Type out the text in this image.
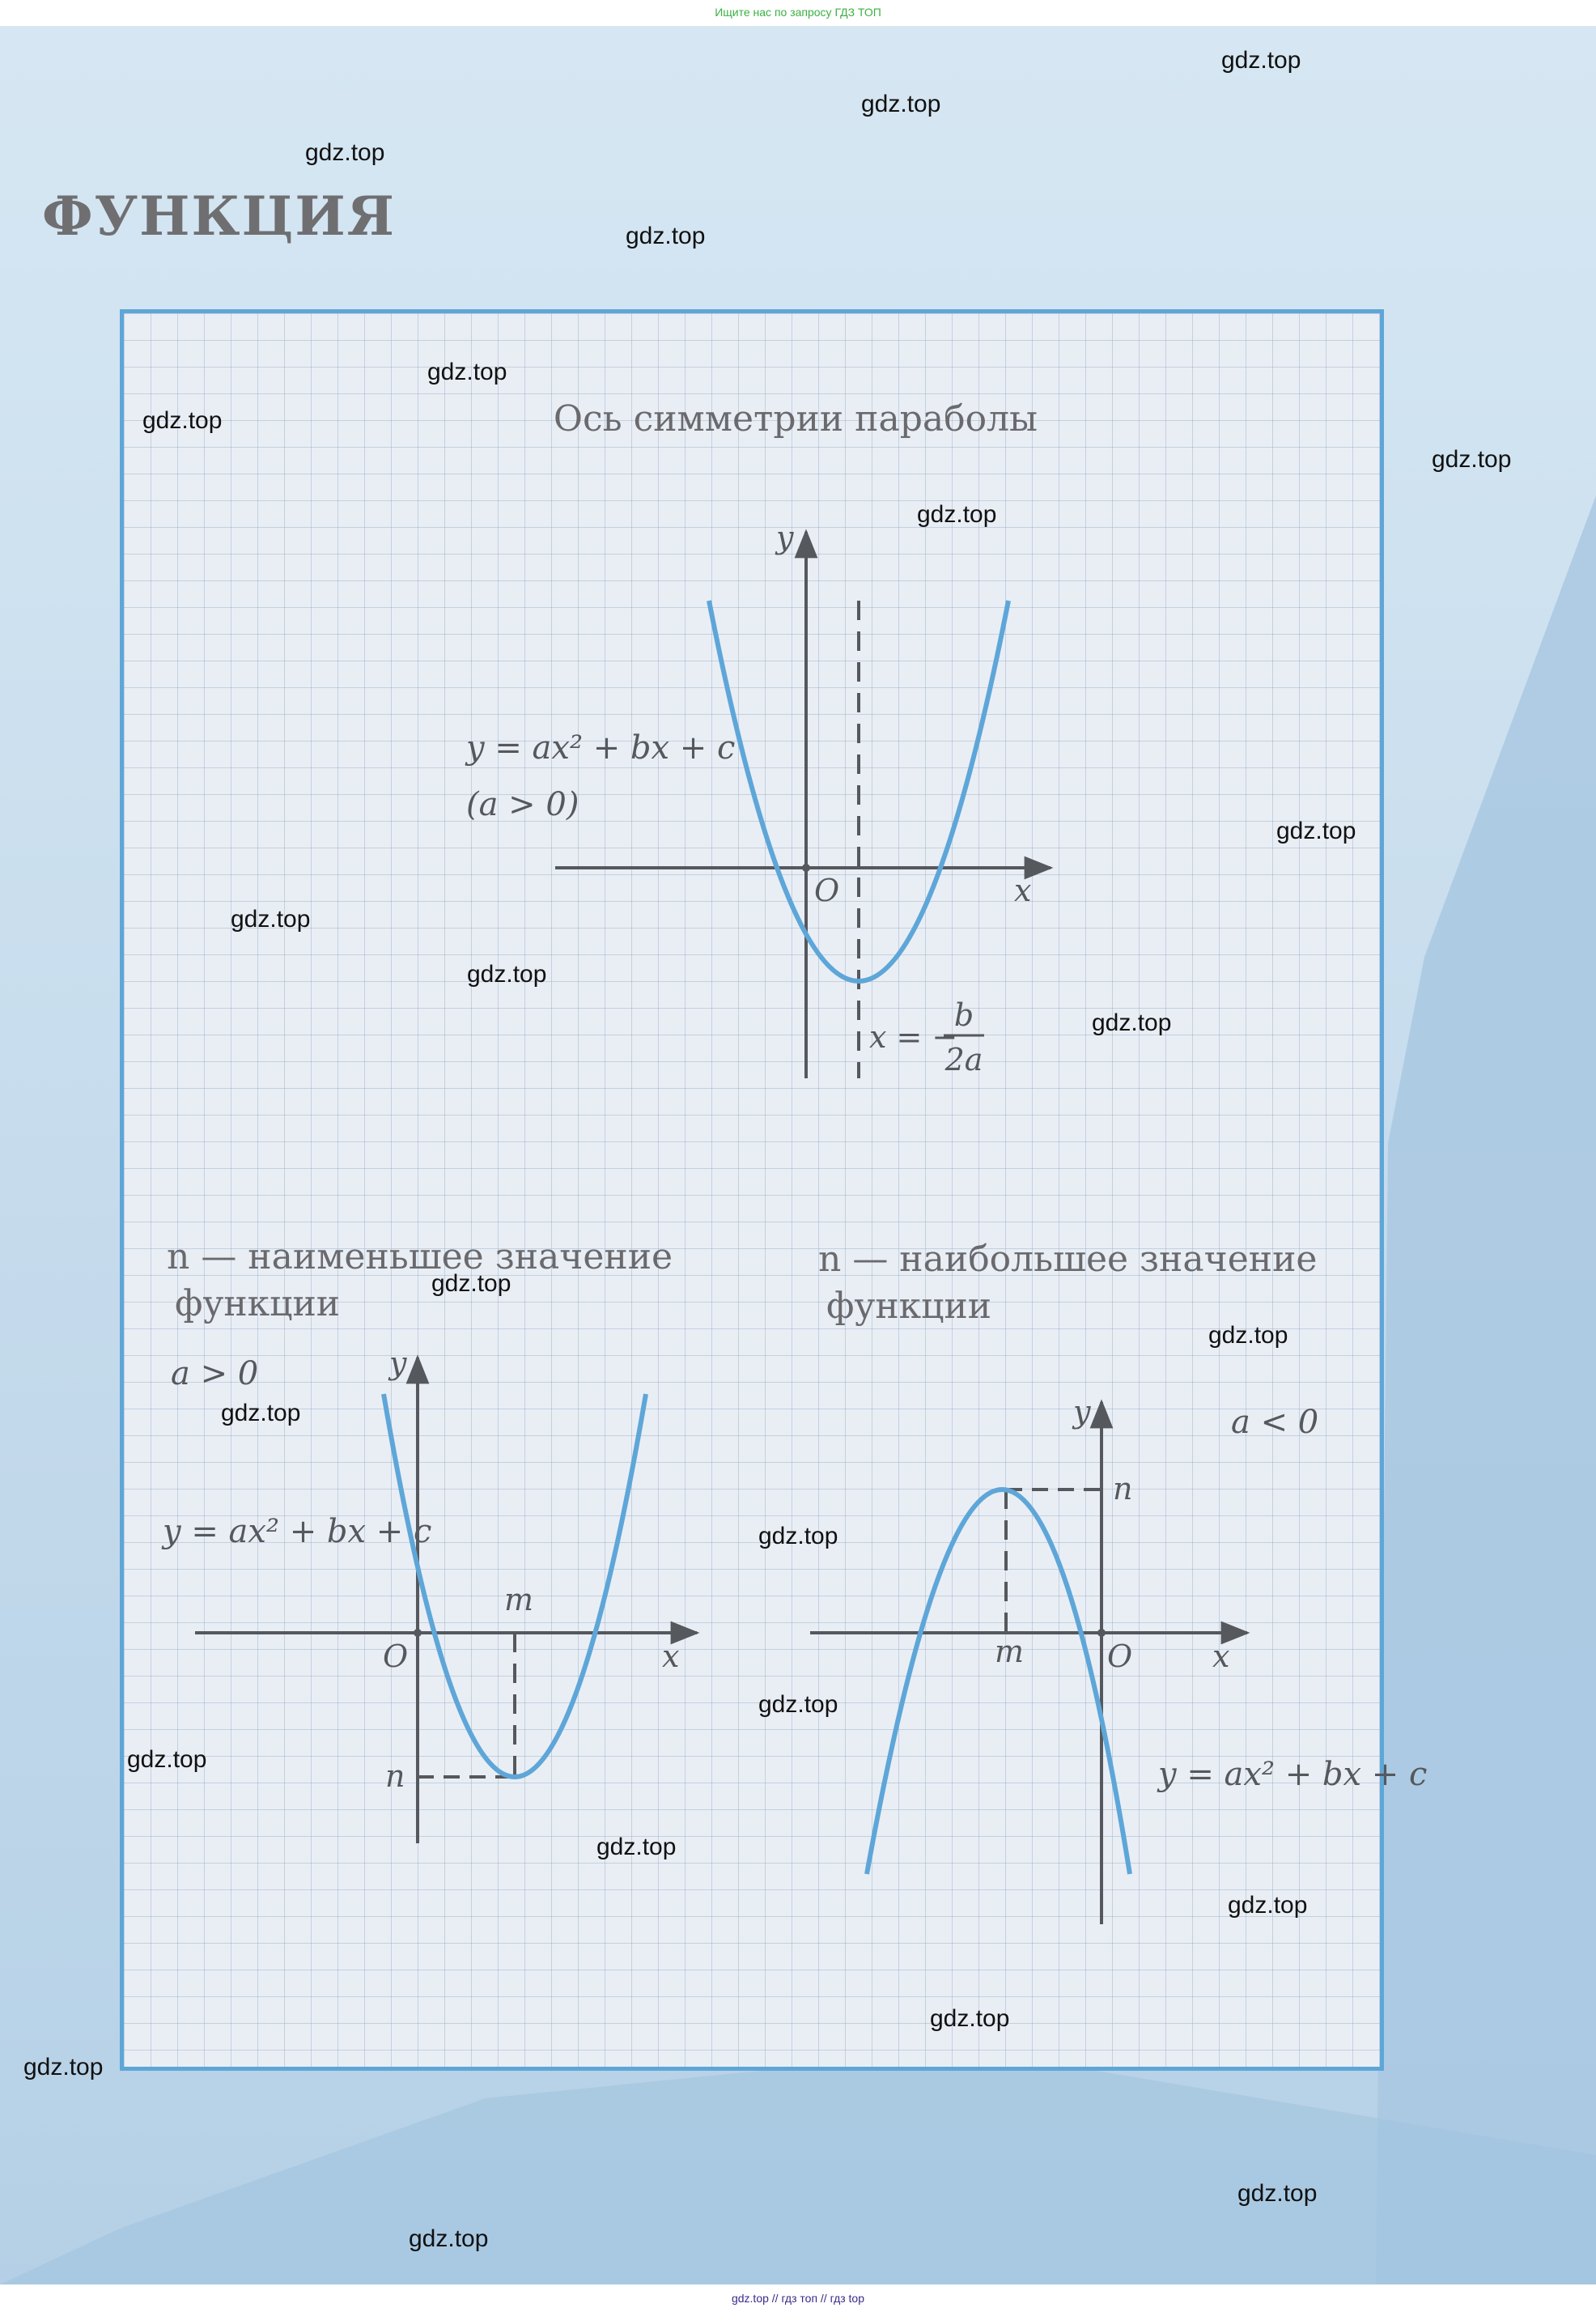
Ищите нас по запросу ГДЗ ТОП
ФУНКЦИЯ
Ось симметрии параболы
O	x
y
y = ax² + bx + c
(a > 0)
x = −
b
2a
n — наименьшее значение
функции
a > 0
y = ax² + bx + c
O	x
y
m
n
n — наибольшее значение
функции
a < 0
y = ax² + bx + c
O	x
y
m
n
gdz.top
gdz.top
gdz.top
gdz.top
gdz.top
gdz.top
gdz.top
gdz.top
gdz.top
gdz.top
gdz.top
gdz.top
gdz.top
gdz.top
gdz.top
gdz.top
gdz.top
gdz.top
gdz.top
gdz.top
gdz.top
gdz.top
gdz.top
gdz.top
gdz.top // гдз топ // гдз top
